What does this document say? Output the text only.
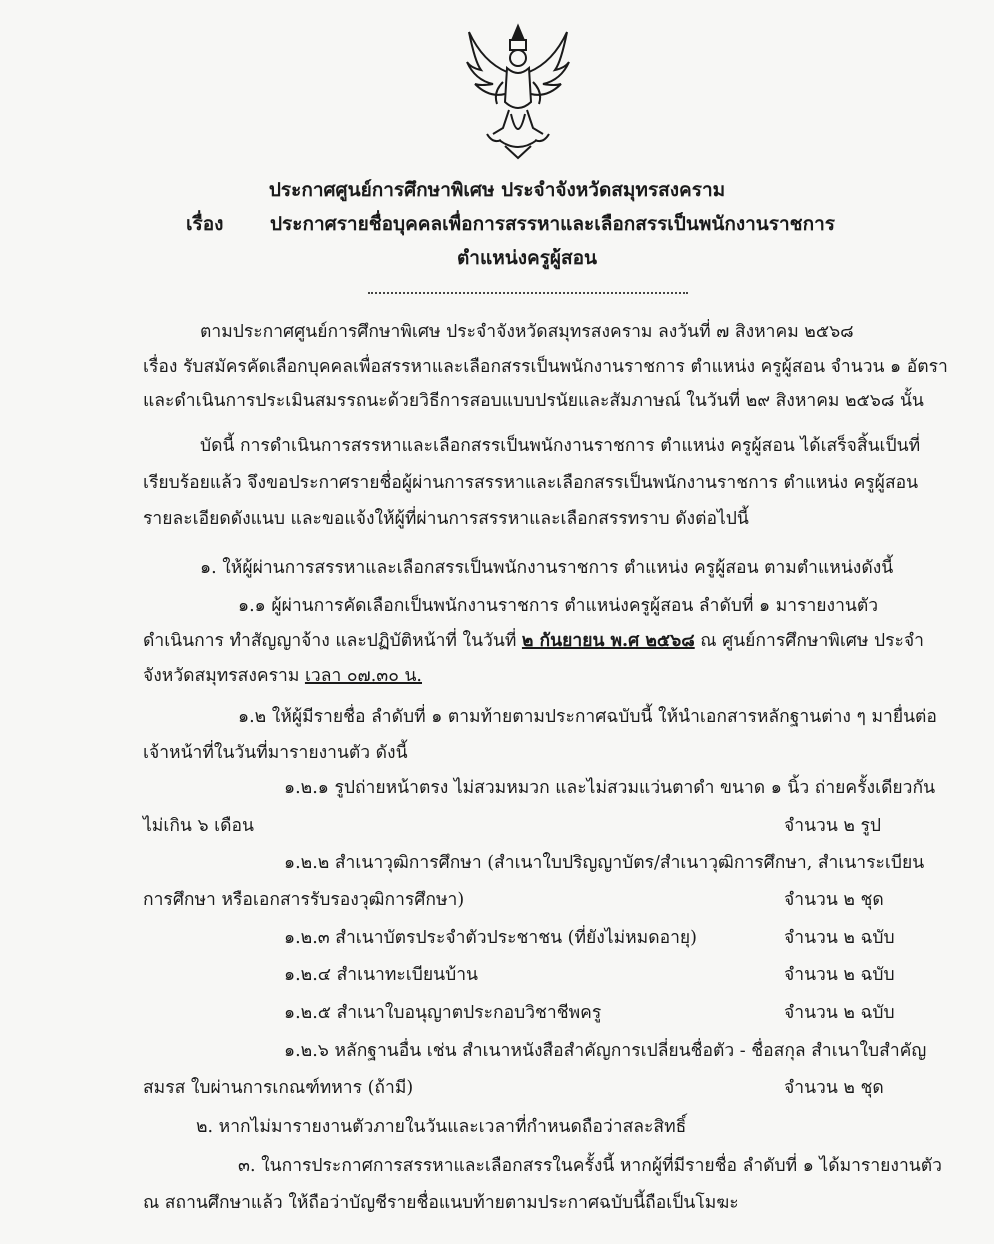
ประกาศศูนย์การศึกษาพิเศษ ประจำจังหวัดสมุทรสงคราม
เรื่อง ประกาศรายชื่อบุคคลเพื่อการสรรหาและเลือกสรรเป็นพนักงานราชการ
ตำแหน่งครูผู้สอน
ตามประกาศศูนย์การศึกษาพิเศษ ประจำจังหวัดสมุทรสงคราม ลงวันที่ ๗ สิงหาคม ๒๕๖๘
เรื่อง รับสมัครคัดเลือกบุคคลเพื่อสรรหาและเลือกสรรเป็นพนักงานราชการ ตำแหน่ง ครูผู้สอน จำนวน ๑ อัตรา
และดำเนินการประเมินสมรรถนะด้วยวิธีการสอบแบบปรนัยและสัมภาษณ์ ในวันที่ ๒๙ สิงหาคม ๒๕๖๘ นั้น
บัดนี้ การดำเนินการสรรหาและเลือกสรรเป็นพนักงานราชการ ตำแหน่ง ครูผู้สอน ได้เสร็จสิ้นเป็นที่
เรียบร้อยแล้ว จึงขอประกาศรายชื่อผู้ผ่านการสรรหาและเลือกสรรเป็นพนักงานราชการ ตำแหน่ง ครูผู้สอน
รายละเอียดดังแนบ และขอแจ้งให้ผู้ที่ผ่านการสรรหาและเลือกสรรทราบ ดังต่อไปนี้
๑. ให้ผู้ผ่านการสรรหาและเลือกสรรเป็นพนักงานราชการ ตำแหน่ง ครูผู้สอน ตามตำแหน่งดังนี้
๑.๑ ผู้ผ่านการคัดเลือกเป็นพนักงานราชการ ตำแหน่งครูผู้สอน ลำดับที่ ๑ มารายงานตัว
ดำเนินการ ทำสัญญาจ้าง และปฏิบัติหน้าที่ ในวันที่ ๒ กันยายน พ.ศ ๒๕๖๘ ณ ศูนย์การศึกษาพิเศษ ประจำ
จังหวัดสมุทรสงคราม เวลา ๐๗.๓๐ น.
๑.๒ ให้ผู้มีรายชื่อ ลำดับที่ ๑ ตามท้ายตามประกาศฉบับนี้ ให้นำเอกสารหลักฐานต่าง ๆ มายื่นต่อ
เจ้าหน้าที่ในวันที่มารายงานตัว ดังนี้
๑.๒.๑ รูปถ่ายหน้าตรง ไม่สวมหมวก และไม่สวมแว่นตาดำ ขนาด ๑ นิ้ว ถ่ายครั้งเดียวกัน
ไม่เกิน ๖ เดือน	จำนวน ๒ รูป
๑.๒.๒ สำเนาวุฒิการศึกษา (สำเนาใบปริญญาบัตร/สำเนาวุฒิการศึกษา, สำเนาระเบียน
การศึกษา หรือเอกสารรับรองวุฒิการศึกษา)	จำนวน ๒ ชุด
๑.๒.๓ สำเนาบัตรประจำตัวประชาชน (ที่ยังไม่หมดอายุ)	จำนวน ๒ ฉบับ
๑.๒.๔ สำเนาทะเบียนบ้าน	จำนวน ๒ ฉบับ
๑.๒.๕ สำเนาใบอนุญาตประกอบวิชาชีพครู	จำนวน ๒ ฉบับ
๑.๒.๖ หลักฐานอื่น เช่น สำเนาหนังสือสำคัญการเปลี่ยนชื่อตัว - ชื่อสกุล สำเนาใบสำคัญ
สมรส ใบผ่านการเกณฑ์ทหาร (ถ้ามี)	จำนวน ๒ ชุด
๒. หากไม่มารายงานตัวภายในวันและเวลาที่กำหนดถือว่าสละสิทธิ์
๓. ในการประกาศการสรรหาและเลือกสรรในครั้งนี้ หากผู้ที่มีรายชื่อ ลำดับที่ ๑ ได้มารายงานตัว
ณ สถานศึกษาแล้ว ให้ถือว่าบัญชีรายชื่อแนบท้ายตามประกาศฉบับนี้ถือเป็นโมฆะ
